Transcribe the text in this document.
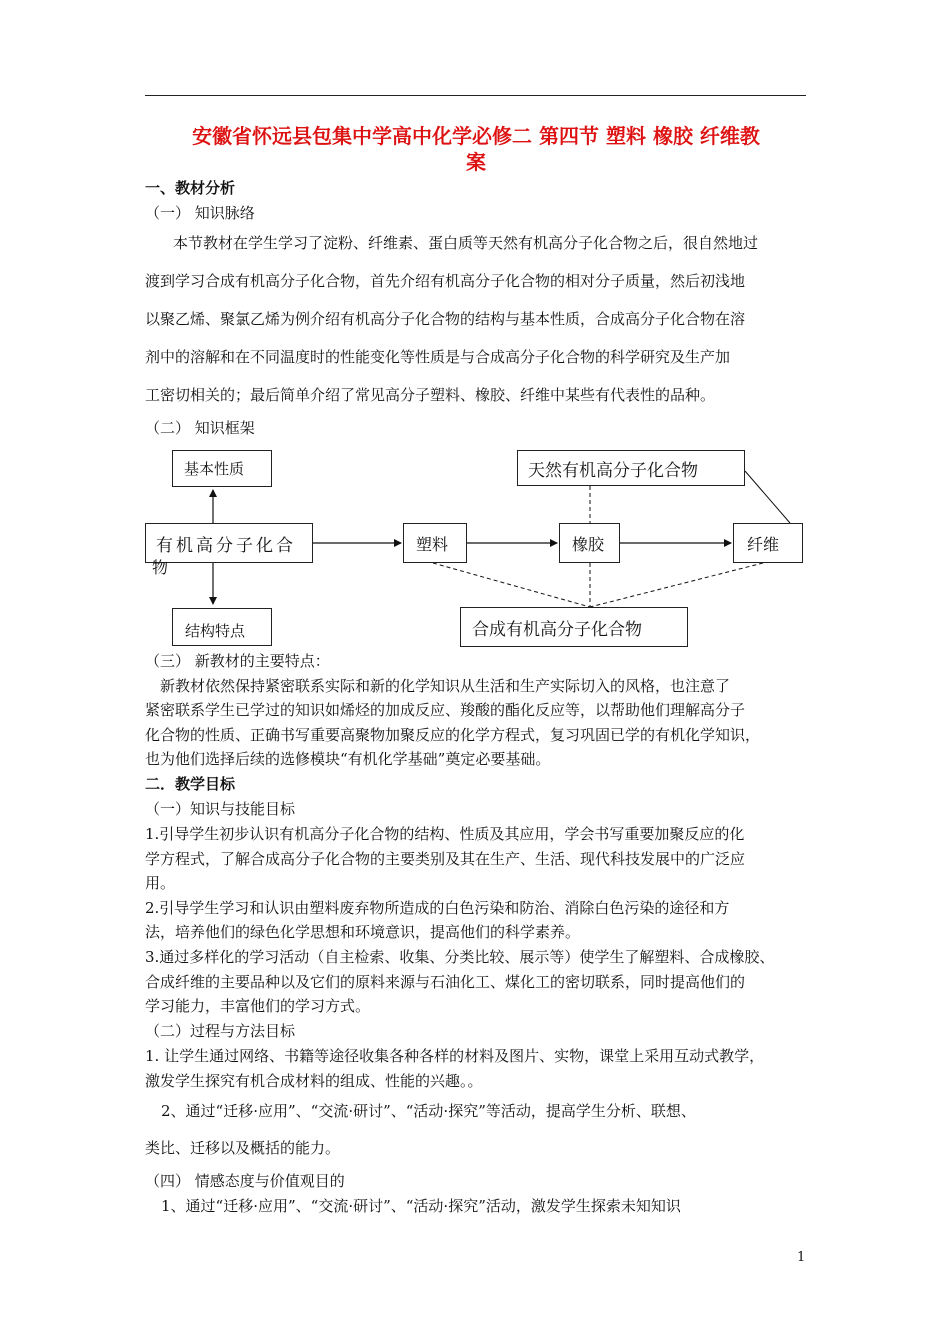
安徽省怀远县包集中学高中化学必修二 第四节 塑料 橡胶 纤维教
案
一、教材分析
（一） 知识脉络
本节教材在学生学习了淀粉、纤维素、蛋白质等天然有机高分子化合物之后，很自然地过
渡到学习合成有机高分子化合物，首先介绍有机高分子化合物的相对分子质量，然后初浅地
以聚乙烯、聚氯乙烯为例介绍有机高分子化合物的结构与基本性质，合成高分子化合物在溶
剂中的溶解和在不同温度时的性能变化等性质是与合成高分子化合物的科学研究及生产加
工密切相关的；最后简单介绍了常见高分子塑料、橡胶、纤维中某些有代表性的品种。
（二） 知识框架
基本性质
结构特点
有机高分子化合
物
塑料	橡胶	纤维
天然有机高分子化合物
合成有机高分子化合物
（三） 新教材的主要特点：
新教材依然保持紧密联系实际和新的化学知识从生活和生产实际切入的风格，也注意了
紧密联系学生已学过的知识如烯烃的加成反应、羧酸的酯化反应等，以帮助他们理解高分子
化合物的性质、正确书写重要高聚物加聚反应的化学方程式，复习巩固已学的有机化学知识，
也为他们选择后续的选修模块“有机化学基础”奠定必要基础。
二．教学目标
（一）知识与技能目标
1.引导学生初步认识有机高分子化合物的结构、性质及其应用，学会书写重要加聚反应的化
学方程式，了解合成高分子化合物的主要类别及其在生产、生活、现代科技发展中的广泛应
用。
2.引导学生学习和认识由塑料废弃物所造成的白色污染和防治、消除白色污染的途径和方
法，培养他们的绿色化学思想和环境意识，提高他们的科学素养。
3.通过多样化的学习活动（自主检索、收集、分类比较、展示等）使学生了解塑料、合成橡胶、
合成纤维的主要品种以及它们的原料来源与石油化工、煤化工的密切联系，同时提高他们的
学习能力，丰富他们的学习方式。
（二）过程与方法目标
1. 让学生通过网络、书籍等途径收集各种各样的材料及图片、实物，课堂上采用互动式教学，
激发学生探究有机合成材料的组成、性能的兴趣。。
2、通过“迁移·应用”、“交流·研讨”、“活动·探究”等活动，提高学生分析、联想、
类比、迁移以及概括的能力。
（四） 情感态度与价值观目的
1、通过“迁移·应用”、“交流·研讨”、“活动·探究”活动，激发学生探索未知知识
1
